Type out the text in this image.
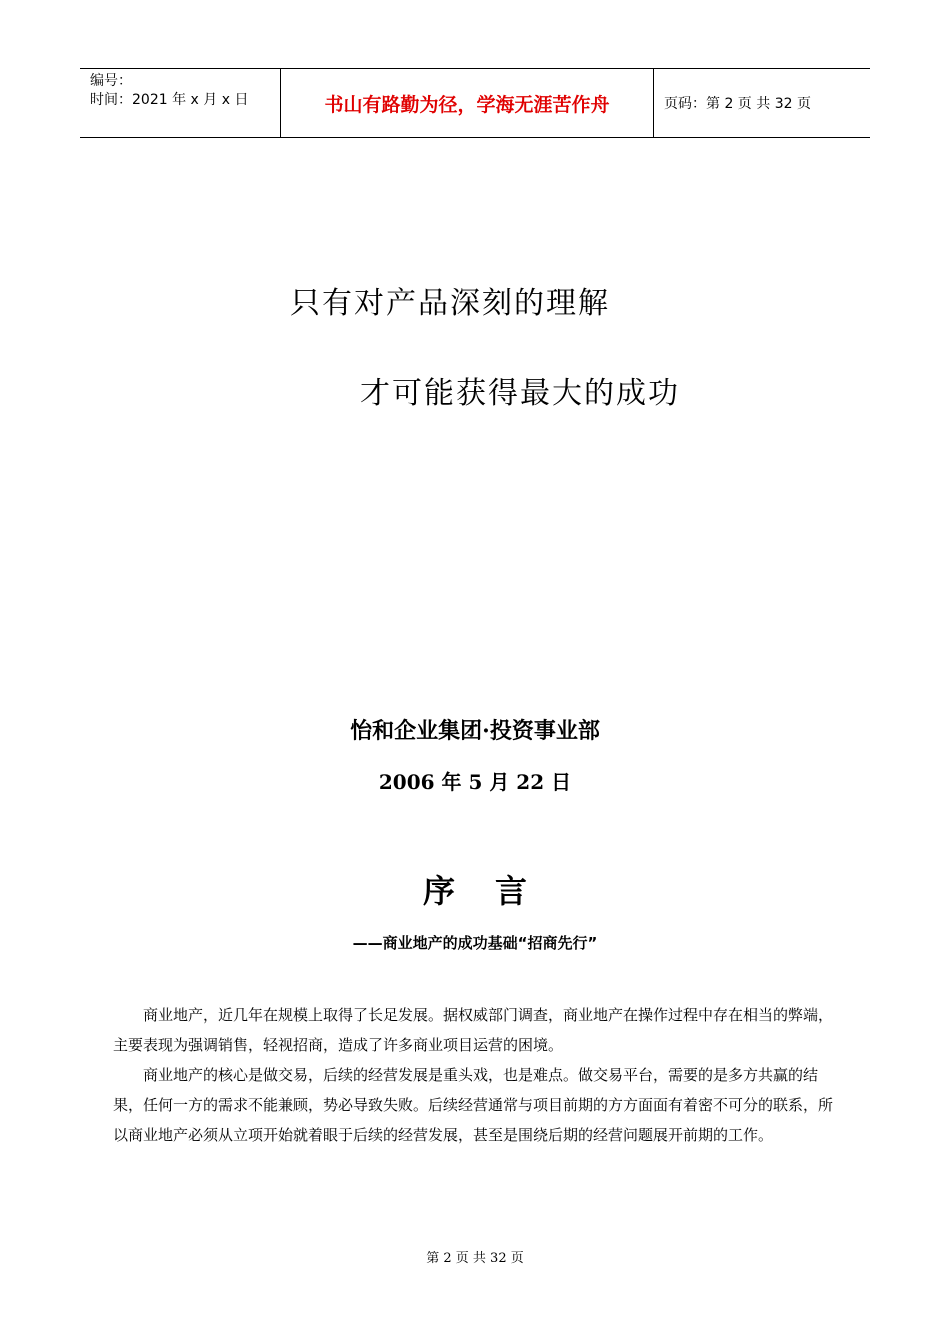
编号：
时间：2021 年 x 月 x 日	书山有路勤为径，学海无涯苦作舟	页码：第 2 页 共 32 页
只有对产品深刻的理解
才可能获得最大的成功
怡和企业集团·投资事业部
2006 年 5 月 22 日
序言
——商业地产的成功基础“招商先行”

商业地产，近几年在规模上取得了长足发展。据权威部门调查，商业地产在操作过程中存在相当的弊端，主要表现为强调销售，轻视招商，造成了许多商业项目运营的困境。

商业地产的核心是做交易，后续的经营发展是重头戏，也是难点。做交易平台，需要的是多方共赢的结果，任何一方的需求不能兼顾，势必导致失败。后续经营通常与项目前期的方方面面有着密不可分的联系，所以商业地产必须从立项开始就着眼于后续的经营发展，甚至是围绕后期的经营问题展开前期的工作。

第 2 页 共 32 页
